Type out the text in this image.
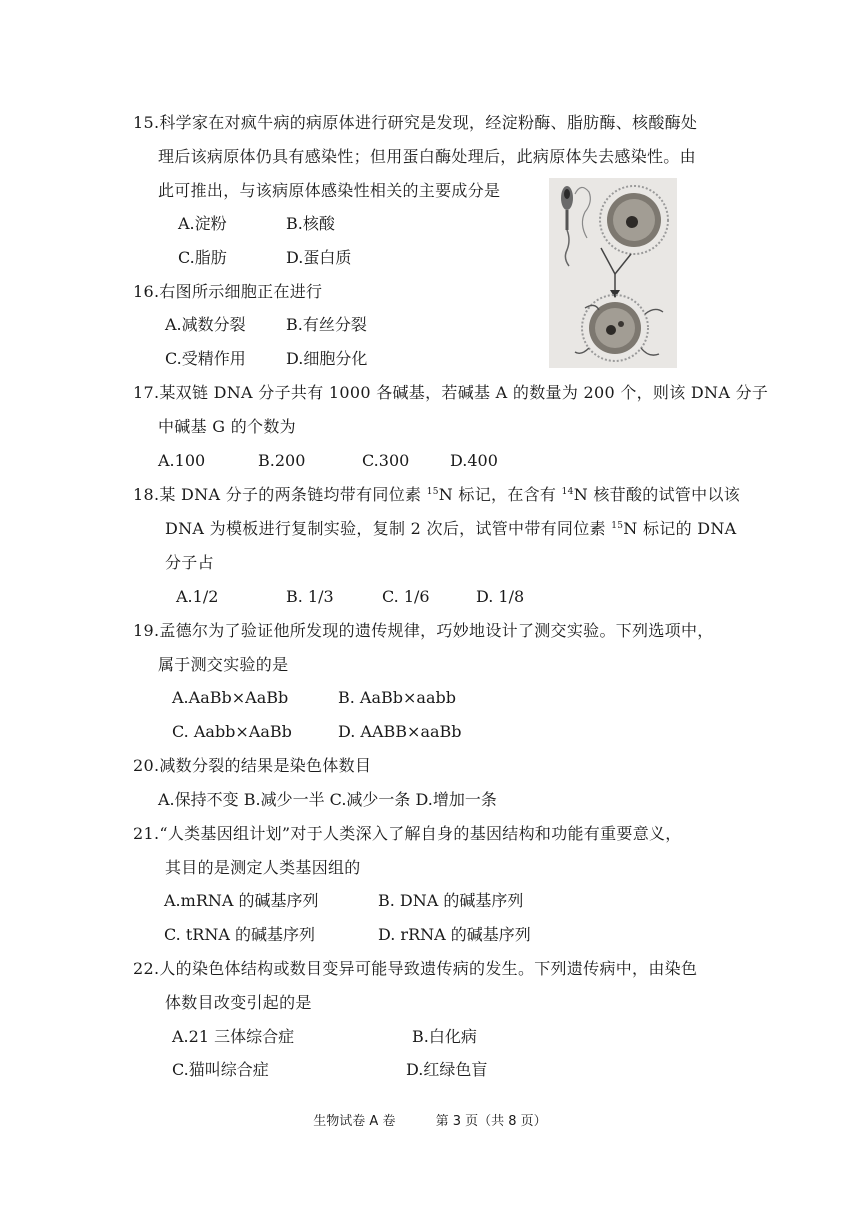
15.科学家在对疯牛病的病原体进行研究是发现，经淀粉酶、脂肪酶、核酸酶处
理后该病原体仍具有感染性；但用蛋白酶处理后，此病原体失去感染性。由
此可推出，与该病原体感染性相关的主要成分是
A.淀粉	B.核酸
C.脂肪	D.蛋白质
16.右图所示细胞正在进行
A.减数分裂	B.有丝分裂
C.受精作用	D.细胞分化
17.某双链 DNA 分子共有 1000 各碱基，若碱基 A 的数量为 200 个，则该 DNA 分子
中碱基 G 的个数为
A.100	B.200	C.300	D.400
18.某 DNA 分子的两条链均带有同位素 $^{15}$N 标记，在含有 $^{14}$N 核苷酸的试管中以该
DNA 为模板进行复制实验，复制 2 次后，试管中带有同位素 $^{15}$N 标记的 DNA
分子占
A.1/2	B. 1/3	C. 1/6	D. 1/8
19.孟德尔为了验证他所发现的遗传规律，巧妙地设计了测交实验。下列选项中，
属于测交实验的是
A.AaBb×AaBb	B. AaBb×aabb
C. Aabb×AaBb	D. AABB×aaBb
20.减数分裂的结果是染色体数目
A.保持不变 B.减少一半 C.减少一条 D.增加一条
21.“人类基因组计划”对于人类深入了解自身的基因结构和功能有重要意义，
其目的是测定人类基因组的
A.mRNA 的碱基序列	B. DNA 的碱基序列
C. tRNA 的碱基序列	D. rRNA 的碱基序列
22.人的染色体结构或数目变异可能导致遗传病的发生。下列遗传病中，由染色
体数目改变引起的是
A.21 三体综合症	B.白化病
C.猫叫综合症	D.红绿色盲
生物试卷 A 卷	第 3 页（共 8 页）
